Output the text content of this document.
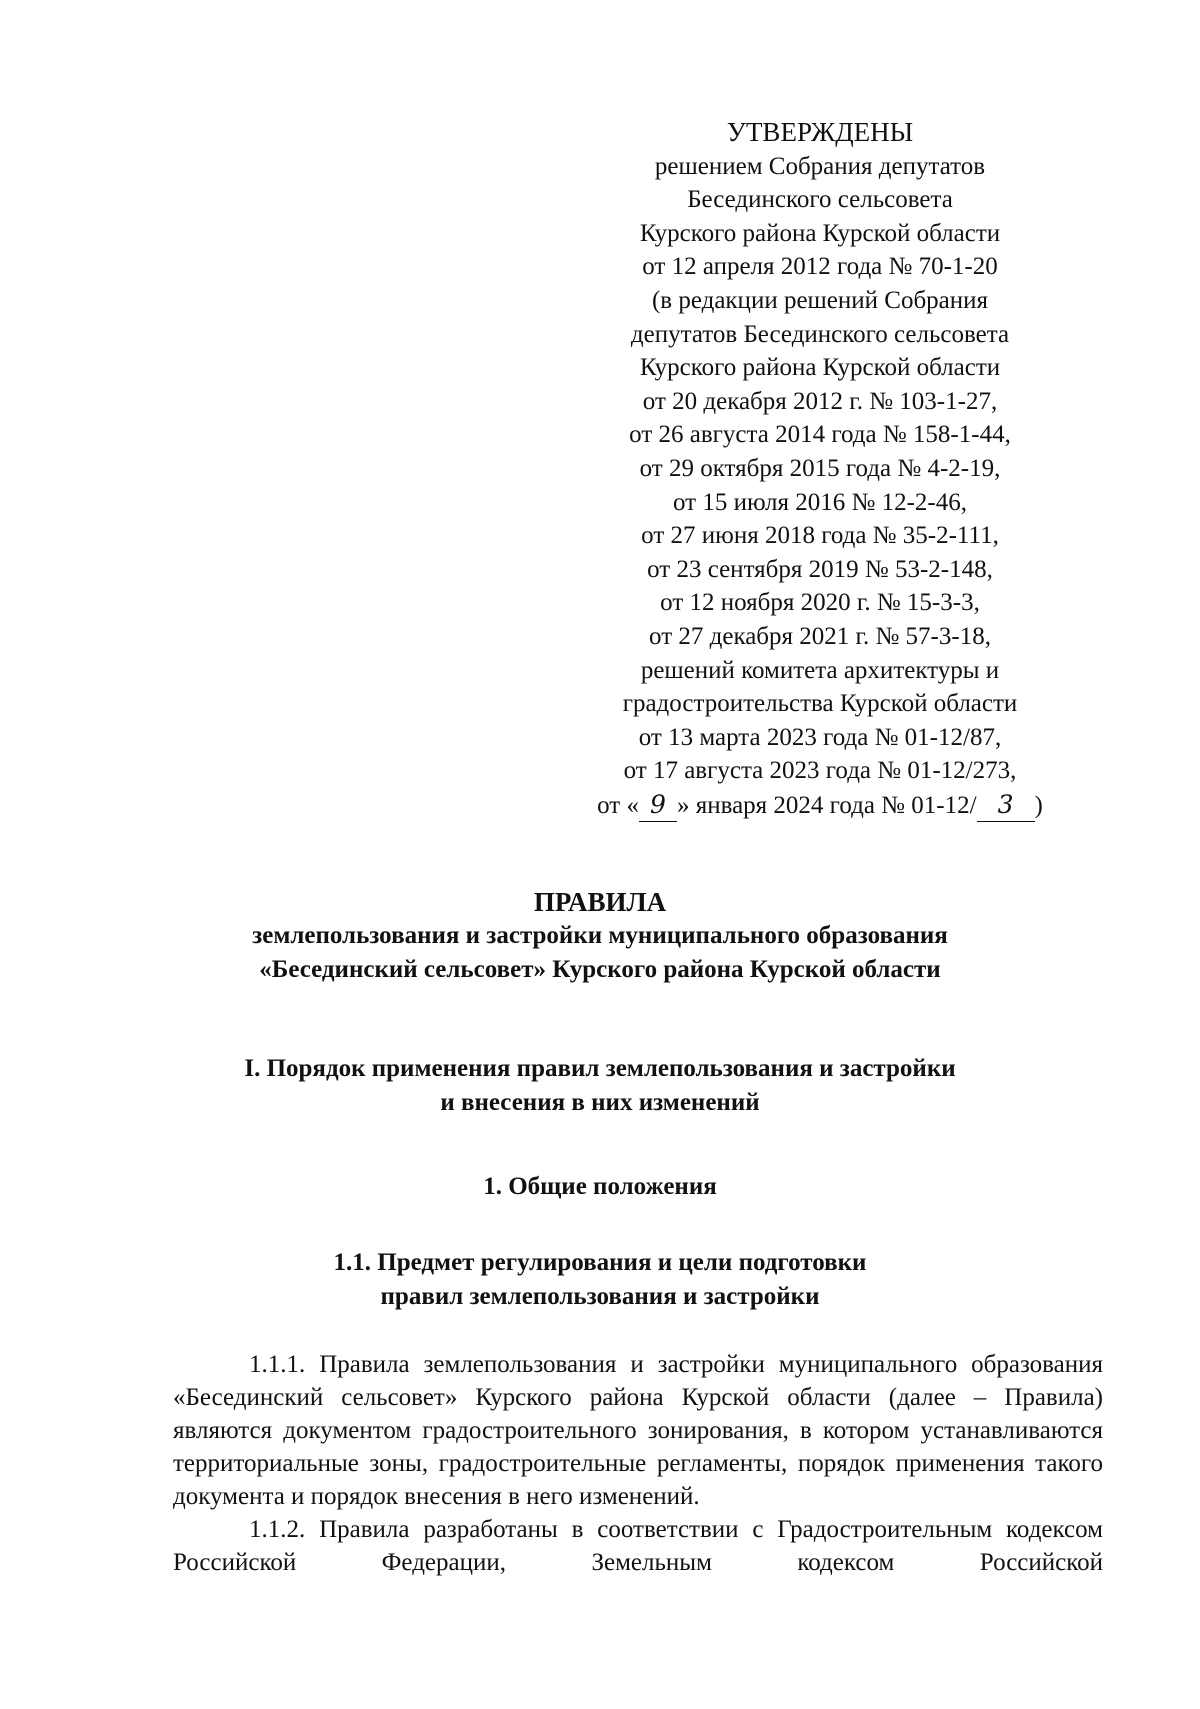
УТВЕРЖДЕНЫ
решением Собрания депутатов
Бесединского сельсовета
Курского района Курской области
от 12 апреля 2012 года № 70-1-20
(в редакции решений Собрания
депутатов Бесединского сельсовета
Курского района Курской области
от 20 декабря 2012 г. № 103-1-27,
от 26 августа 2014 года № 158-1-44,
от 29 октября 2015 года № 4-2-19,
от 15 июля 2016 № 12-2-46,
от 27 июня 2018 года № 35-2-111,
от 23 сентября 2019 № 53-2-148,
от 12 ноября 2020 г. № 15-3-3,
от 27 декабря 2021 г. № 57-3-18,
решений комитета архитектуры и
градостроительства Курской области
от 13 марта 2023 года № 01-12/87,
от 17 августа 2023 года № 01-12/273,
от « 9 » января 2024 года № 01-12/ 3 )
ПРАВИЛА
землепользования и застройки муниципального образования
«Бесединский сельсовет» Курского района Курской области
I. Порядок применения правил землепользования и застройки
и внесения в них изменений
1. Общие положения
1.1. Предмет регулирования и цели подготовки
правил землепользования и застройки

1.1.1. Правила землепользования и застройки муниципального образования «Бесединский сельсовет» Курского района Курской области (далее – Правила) являются документом градостроительного зонирования, в котором устанавливаются территориальные зоны, градостроительные регламенты, порядок применения такого документа и порядок внесения в него изменений.

1.1.2. Правила разработаны в соответствии с Градостроительным кодексом Российской Федерации, Земельным кодексом Российской
